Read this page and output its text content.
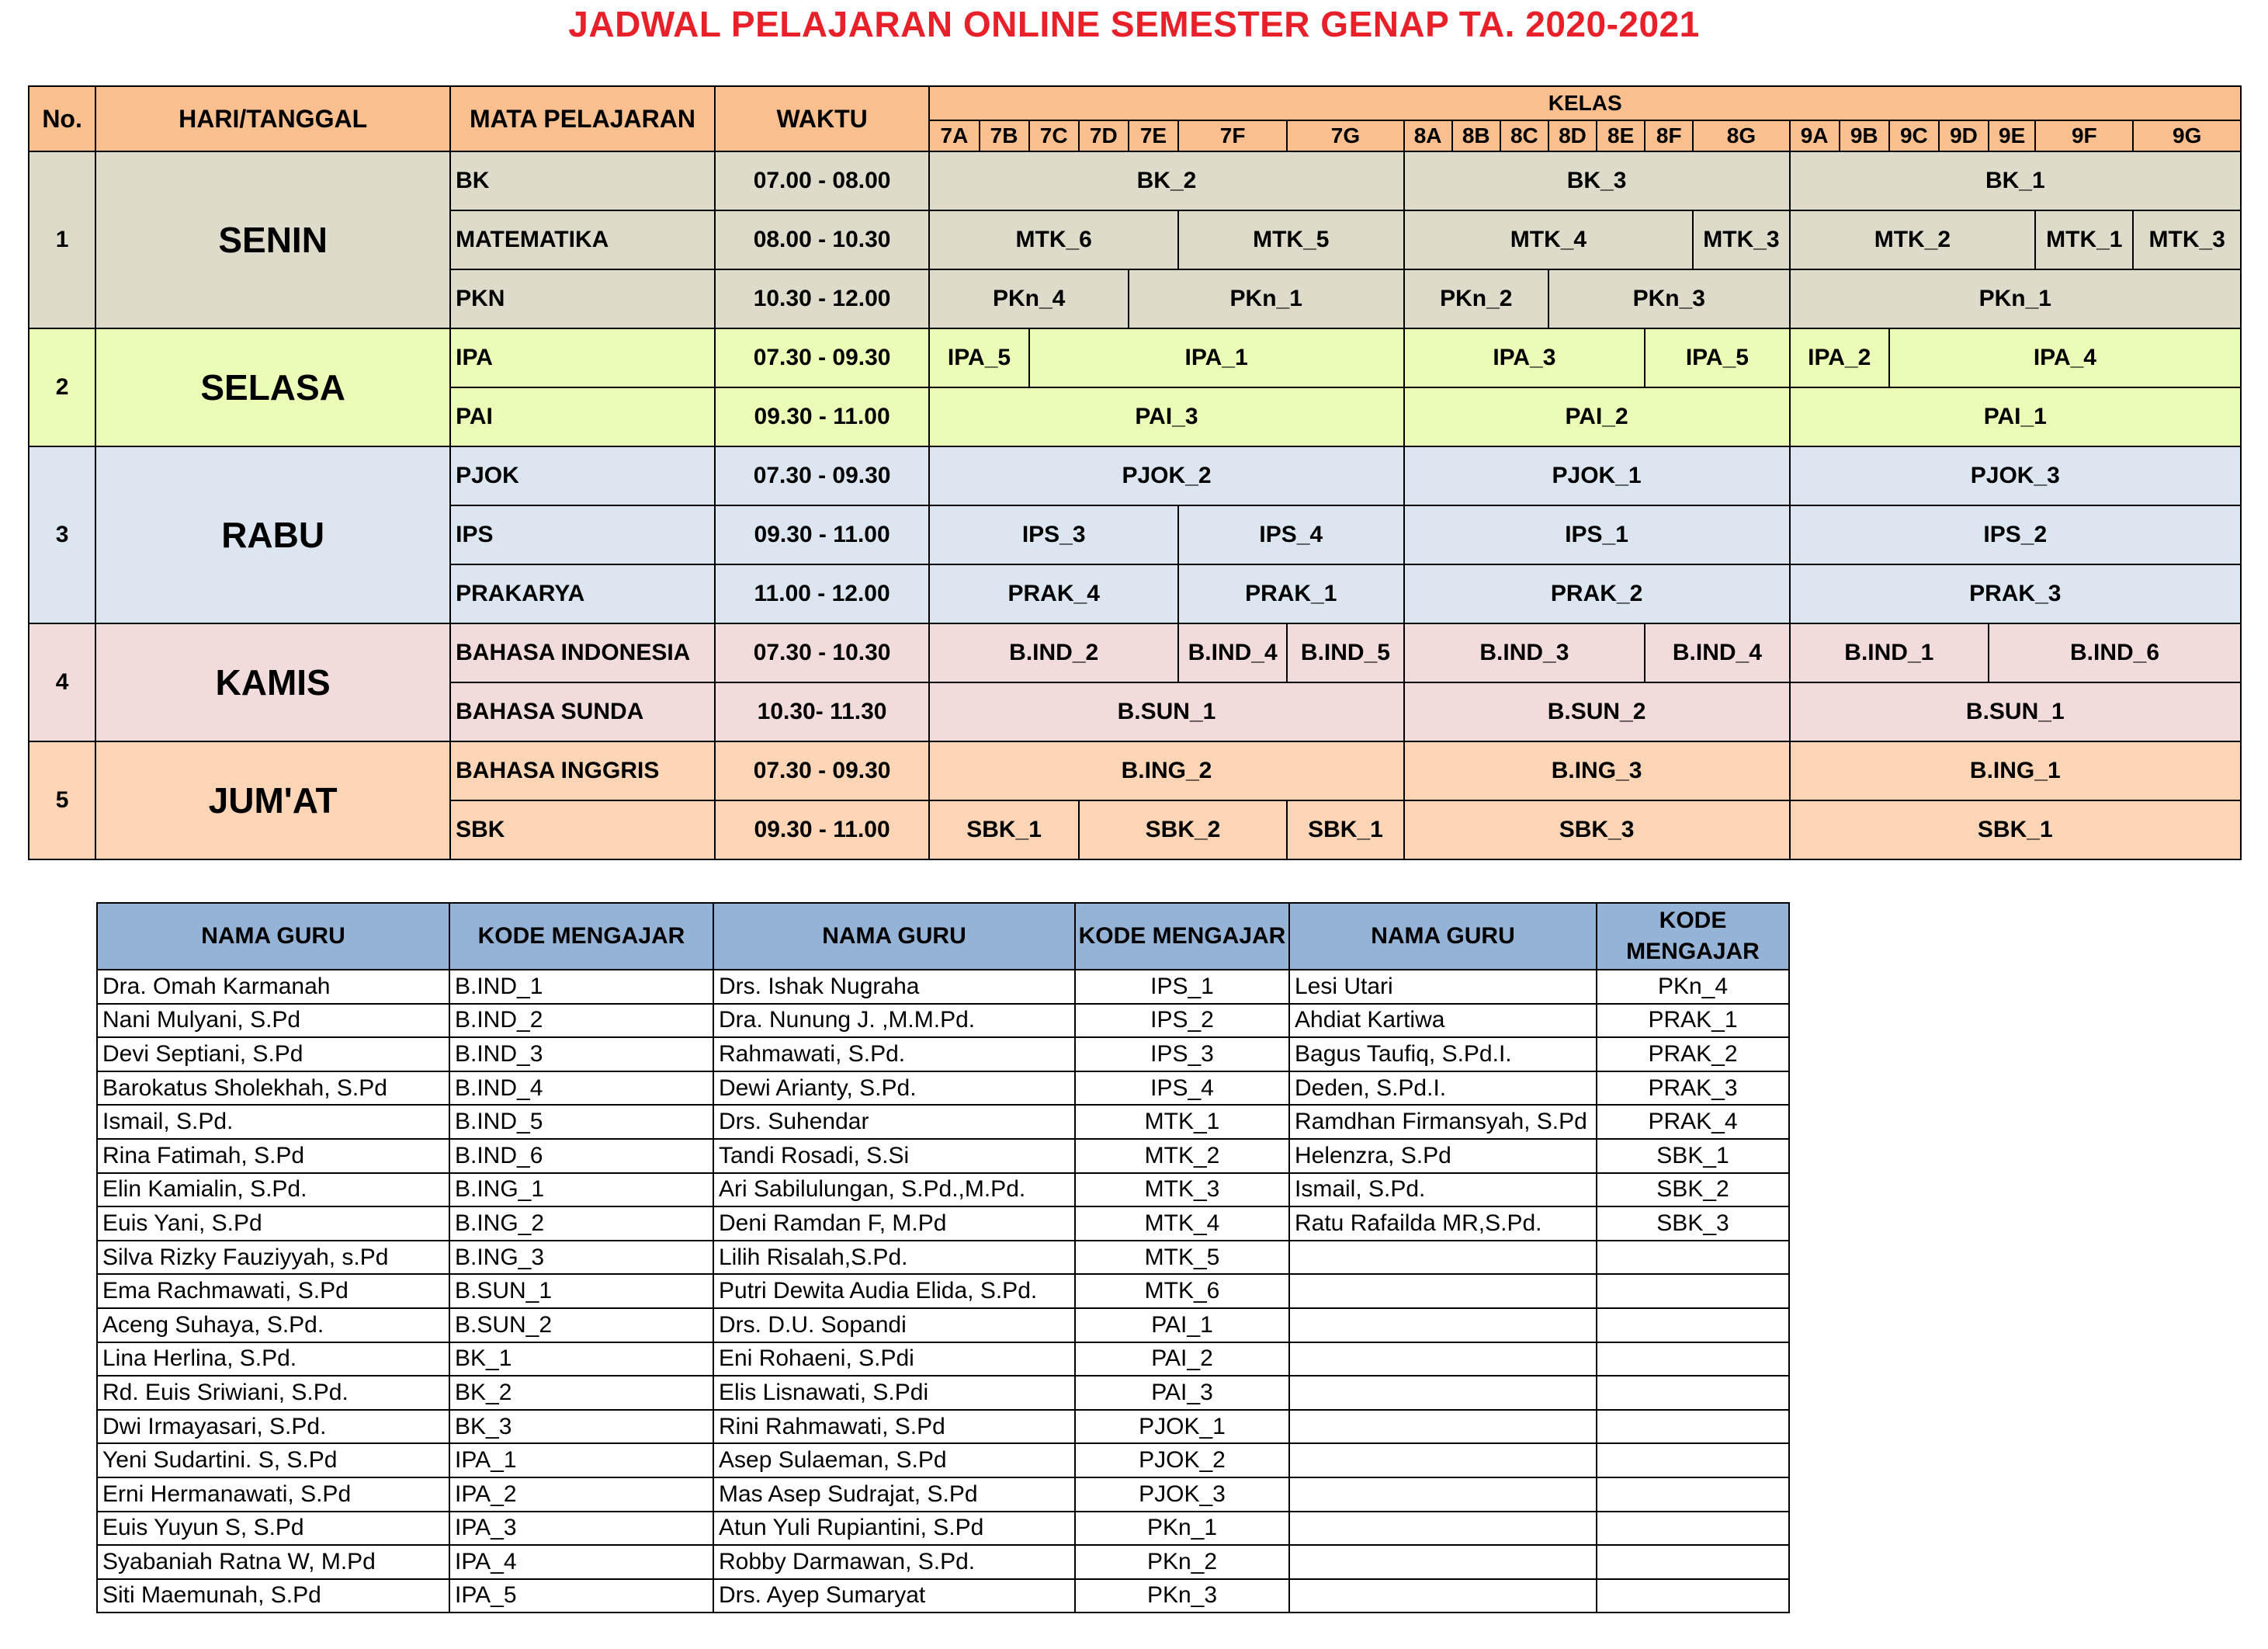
JADWAL PELAJARAN ONLINE SEMESTER GENAP TA. 2020-2021
No.	HARI/TANGGAL	MATA PELAJARAN	WAKTU	KELAS																				
				7A	7B	7C	7D	7E	7F	7G	8A	8B	8C	8D	8E	8F	8G	9A	9B	9C	9D	9E	9F	9G
1	SENIN	BK	07.00 - 08.00	BK_2							BK_3							BK_1						
		MATEMATIKA	08.00 - 10.30	MTK_6					MTK_5		MTK_4						MTK_3	MTK_2					MTK_1	MTK_3
		PKN	10.30 - 12.00	PKn_4				PKn_1			PKn_2			PKn_3				PKn_1						
2	SELASA	IPA	07.30 - 09.30	IPA_5		IPA_1					IPA_3					IPA_5		IPA_2		IPA_4				
		PAI	09.30 - 11.00	PAI_3							PAI_2							PAI_1						
3	RABU	PJOK	07.30 - 09.30	PJOK_2							PJOK_1							PJOK_3						
		IPS	09.30 - 11.00	IPS_3					IPS_4		IPS_1							IPS_2						
		PRAKARYA	11.00 - 12.00	PRAK_4					PRAK_1		PRAK_2							PRAK_3						
4	KAMIS	BAHASA INDONESIA	07.30 - 10.30	B.IND_2					B.IND_4	B.IND_5	B.IND_3					B.IND_4		B.IND_1				B.IND_6		
		BAHASA SUNDA	10.30- 11.30	B.SUN_1							B.SUN_2							B.SUN_1						
5	JUM'AT	BAHASA INGGRIS	07.30 - 09.30	B.ING_2							B.ING_3							B.ING_1						
		SBK	09.30 - 11.00	SBK_1			SBK_2			SBK_1	SBK_3							SBK_1						
NAMA GURU	KODE MENGAJAR	NAMA GURU	KODE MENGAJAR	NAMA GURU	KODE MENGAJAR
Dra. Omah Karmanah	B.IND_1	Drs. Ishak Nugraha	IPS_1	Lesi Utari	PKn_4
Nani Mulyani, S.Pd	B.IND_2	Dra. Nunung J. ,M.M.Pd.	IPS_2	Ahdiat Kartiwa	PRAK_1
Devi Septiani, S.Pd	B.IND_3	Rahmawati, S.Pd.	IPS_3	Bagus Taufiq, S.Pd.I.	PRAK_2
Barokatus Sholekhah, S.Pd	B.IND_4	Dewi Arianty, S.Pd.	IPS_4	Deden, S.Pd.I.	PRAK_3
Ismail, S.Pd.	B.IND_5	Drs. Suhendar	MTK_1	Ramdhan Firmansyah, S.Pd	PRAK_4
Rina Fatimah, S.Pd	B.IND_6	Tandi Rosadi, S.Si	MTK_2	Helenzra, S.Pd	SBK_1
Elin Kamialin, S.Pd.	B.ING_1	Ari Sabilulungan, S.Pd.,M.Pd.	MTK_3	Ismail, S.Pd.	SBK_2
Euis Yani, S.Pd	B.ING_2	Deni Ramdan F, M.Pd	MTK_4	Ratu Rafailda MR,S.Pd.	SBK_3
Silva Rizky Fauziyyah, s.Pd	B.ING_3	Lilih Risalah,S.Pd.	MTK_5		
Ema Rachmawati, S.Pd	B.SUN_1	Putri Dewita Audia Elida, S.Pd.	MTK_6		
Aceng Suhaya, S.Pd.	B.SUN_2	Drs. D.U. Sopandi	PAI_1		
Lina Herlina, S.Pd.	BK_1	Eni Rohaeni, S.Pdi	PAI_2		
Rd. Euis Sriwiani, S.Pd.	BK_2	Elis Lisnawati, S.Pdi	PAI_3		
Dwi Irmayasari, S.Pd.	BK_3	Rini Rahmawati, S.Pd	PJOK_1		
Yeni Sudartini. S, S.Pd	IPA_1	Asep Sulaeman, S.Pd	PJOK_2		
Erni Hermanawati, S.Pd	IPA_2	Mas Asep Sudrajat, S.Pd	PJOK_3		
Euis Yuyun S, S.Pd	IPA_3	Atun Yuli Rupiantini, S.Pd	PKn_1		
Syabaniah Ratna W, M.Pd	IPA_4	Robby Darmawan, S.Pd.	PKn_2		
Siti Maemunah, S.Pd	IPA_5	Drs. Ayep Sumaryat	PKn_3		
